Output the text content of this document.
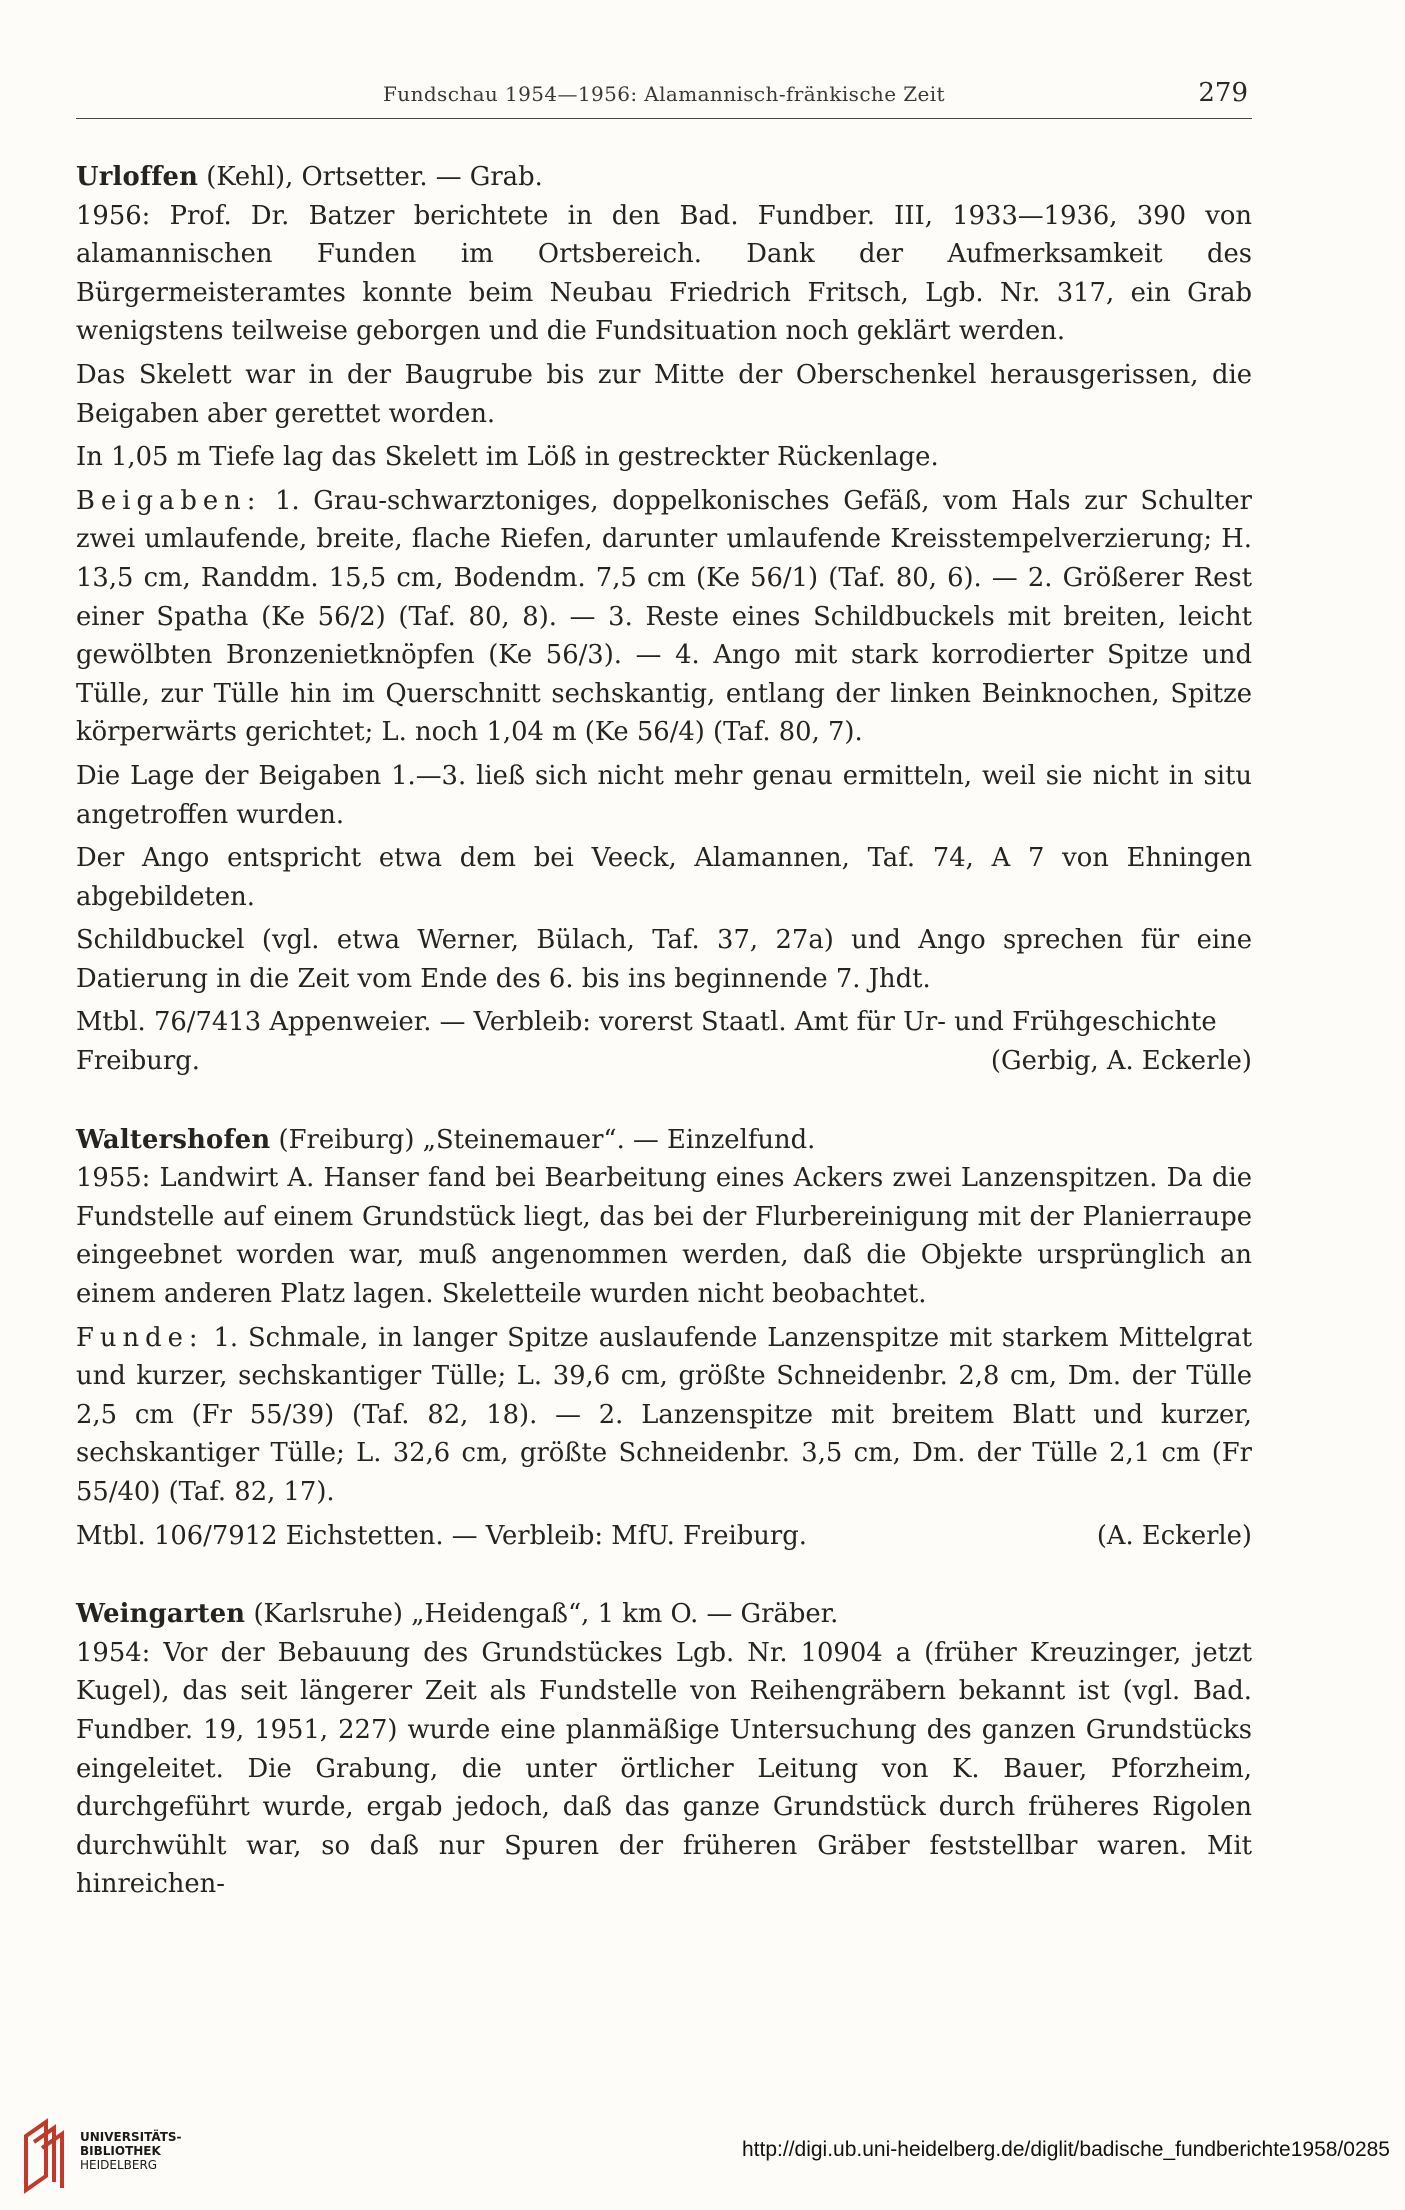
Fundschau 1954—1956: Alamannisch-fränkische Zeit	279

Urloffen (Kehl), Ortsetter. — Grab.

1956: Prof. Dr. Batzer berichtete in den Bad. Fundber. III, 1933—1936, 390 von alamannischen Funden im Ortsbereich. Dank der Aufmerksamkeit des Bürgermeisteramtes konnte beim Neubau Friedrich Fritsch, Lgb. Nr. 317, ein Grab wenigstens teilweise geborgen und die Fundsituation noch geklärt werden.

Das Skelett war in der Baugrube bis zur Mitte der Oberschenkel herausgerissen, die Beigaben aber gerettet worden.

In 1,05 m Tiefe lag das Skelett im Löß in gestreckter Rückenlage.

Beigaben: 1. Grau-schwarztoniges, doppelkonisches Gefäß, vom Hals zur Schulter zwei umlaufende, breite, flache Riefen, darunter umlaufende Kreisstempelverzierung; H. 13,5 cm, Randdm. 15,5 cm, Bodendm. 7,5 cm (Ke 56/1) (Taf. 80, 6). — 2. Größerer Rest einer Spatha (Ke 56/2) (Taf. 80, 8). — 3. Reste eines Schildbuckels mit breiten, leicht gewölbten Bronzenietknöpfen (Ke 56/3). — 4. Ango mit stark korrodierter Spitze und Tülle, zur Tülle hin im Querschnitt sechskantig, entlang der linken Beinknochen, Spitze körperwärts gerichtet; L. noch 1,04 m (Ke 56/4) (Taf. 80, 7).

Die Lage der Beigaben 1.—3. ließ sich nicht mehr genau ermitteln, weil sie nicht in situ angetroffen wurden.

Der Ango entspricht etwa dem bei Veeck, Alamannen, Taf. 74, A 7 von Ehningen abgebildeten.

Schildbuckel (vgl. etwa Werner, Bülach, Taf. 37, 27a) und Ango sprechen für eine Datierung in die Zeit vom Ende des 6. bis ins beginnende 7. Jhdt.

Mtbl. 76/7413 Appenweier. — Verbleib: vorerst Staatl. Amt für Ur- und Frühgeschichte

Freiburg.	(Gerbig, A. Eckerle)

Waltershofen (Freiburg) „Steinemauer“. — Einzelfund.

1955: Landwirt A. Hanser fand bei Bearbeitung eines Ackers zwei Lanzenspitzen. Da die Fundstelle auf einem Grundstück liegt, das bei der Flurbereinigung mit der Planierraupe eingeebnet worden war, muß angenommen werden, daß die Objekte ursprünglich an einem anderen Platz lagen. Skeletteile wurden nicht beobachtet.

Funde: 1. Schmale, in langer Spitze auslaufende Lanzenspitze mit starkem Mittelgrat und kurzer, sechskantiger Tülle; L. 39,6 cm, größte Schneidenbr. 2,8 cm, Dm. der Tülle 2,5 cm (Fr 55/39) (Taf. 82, 18). — 2. Lanzenspitze mit breitem Blatt und kurzer, sechskantiger Tülle; L. 32,6 cm, größte Schneidenbr. 3,5 cm, Dm. der Tülle 2,1 cm (Fr 55/40) (Taf. 82, 17).

Mtbl. 106/7912 Eichstetten. — Verbleib: MfU. Freiburg.	(A. Eckerle)

Weingarten (Karlsruhe) „Heidengaß“, 1 km O. — Gräber.

1954: Vor der Bebauung des Grundstückes Lgb. Nr. 10904 a (früher Kreuzinger, jetzt Kugel), das seit längerer Zeit als Fundstelle von Reihengräbern bekannt ist (vgl. Bad. Fundber. 19, 1951, 227) wurde eine planmäßige Untersuchung des ganzen Grundstücks eingeleitet. Die Grabung, die unter örtlicher Leitung von K. Bauer, Pforzheim, durchgeführt wurde, ergab jedoch, daß das ganze Grundstück durch früheres Rigolen durchwühlt war, so daß nur Spuren der früheren Gräber feststellbar waren. Mit hinreichen-

UNIVERSITÄTS-
BIBLIOTHEK
HEIDELBERG
http://digi.ub.uni-heidelberg.de/diglit/badische_fundberichte1958/0285
